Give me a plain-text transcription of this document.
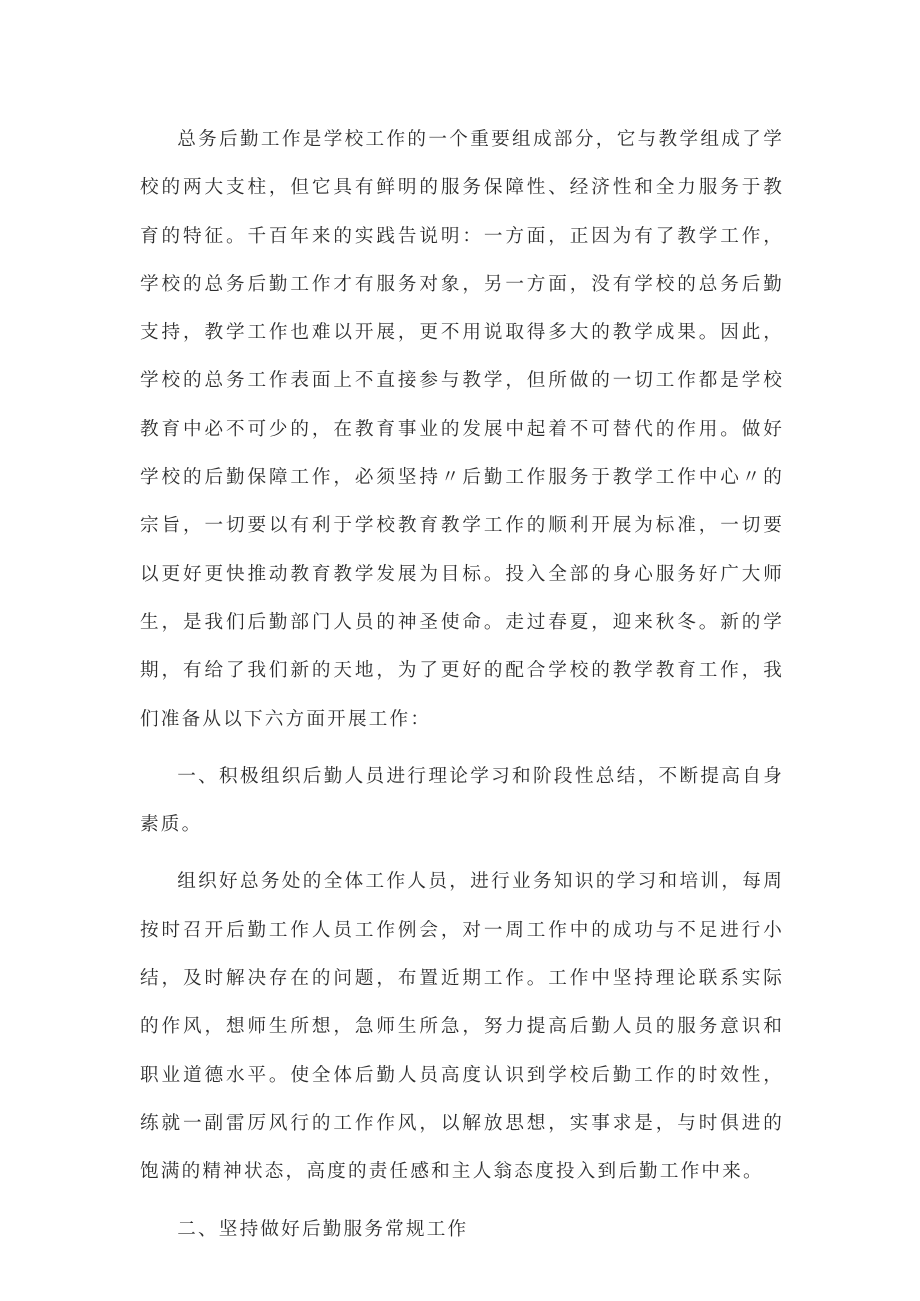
总务后勤工作是学校工作的一个重要组成部分，它与教学组成了学校的两大支柱，但它具有鲜明的服务保障性、经济性和全力服务于教育的特征。千百年来的实践告说明：一方面，正因为有了教学工作，学校的总务后勤工作才有服务对象，另一方面，没有学校的总务后勤支持，教学工作也难以开展，更不用说取得多大的教学成果。因此，学校的总务工作表面上不直接参与教学，但所做的一切工作都是学校教育中必不可少的，在教育事业的发展中起着不可替代的作用。做好学校的后勤保障工作，必须坚持〃后勤工作服务于教学工作中心〃的宗旨，一切要以有利于学校教育教学工作的顺利开展为标准，一切要以更好更快推动教育教学发展为目标。投入全部的身心服务好广大师生，是我们后勤部门人员的神圣使命。走过春夏，迎来秋冬。新的学期，有给了我们新的天地，为了更好的配合学校的教学教育工作，我们准备从以下六方面开展工作：

一、积极组织后勤人员进行理论学习和阶段性总结，不断提高自身素质。

组织好总务处的全体工作人员，进行业务知识的学习和培训，每周按时召开后勤工作人员工作例会，对一周工作中的成功与不足进行小结，及时解决存在的问题，布置近期工作。工作中坚持理论联系实际的作风，想师生所想，急师生所急，努力提高后勤人员的服务意识和职业道德水平。使全体后勤人员高度认识到学校后勤工作的时效性，练就一副雷厉风行的工作作风，以解放思想，实事求是，与时俱进的饱满的精神状态，高度的责任感和主人翁态度投入到后勤工作中来。

二、坚持做好后勤服务常规工作
